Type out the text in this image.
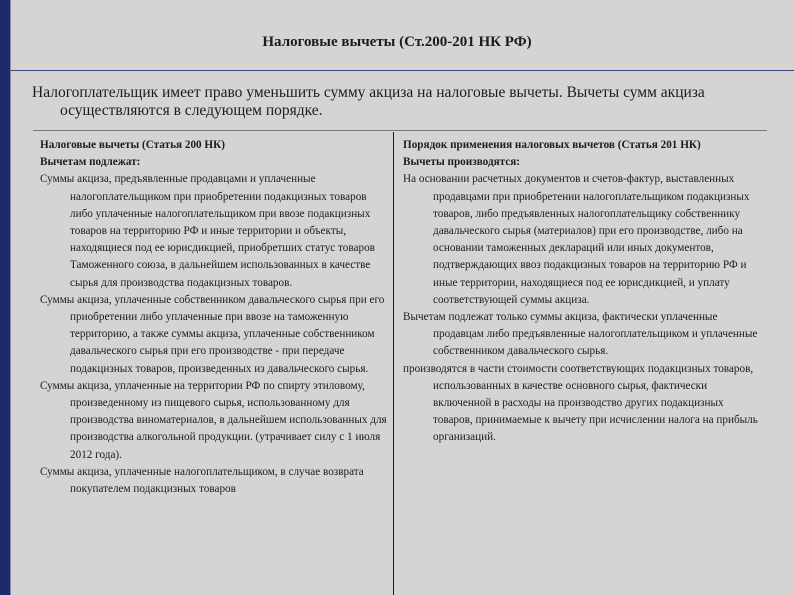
Налоговые вычеты (Ст.200-201 НК РФ)

Налогоплательщик имеет право уменьшить сумму акциза на налоговые вычеты. Вычеты сумм акциза осуществляются в следующем порядке.

Налоговые вычеты (Статья 200 НК)

Вычетам подлежат:

Суммы акциза, предъявленные продавцами и уплаченные налогоплательщиком при приобретении подакцизных товаров либо уплаченные налогоплательщиком при ввозе подакцизных товаров на территорию РФ и иные территории и объекты, находящиеся под ее юрисдикцией, приобретших статус товаров Таможенного союза, в дальнейшем использованных в качестве сырья для производства подакцизных товаров.

Суммы акциза, уплаченные собственником давальческого сырья при его приобретении либо уплаченные при ввозе на таможенную территорию, а также суммы акциза, уплаченные собственником давальческого сырья при его производстве - при передаче подакцизных товаров, произведенных из давальческого сырья.

Суммы акциза, уплаченные на территории РФ по спирту этиловому, произведенному из пищевого сырья, использованному для производства виноматериалов, в дальнейшем использованных для производства алкогольной продукции. (утрачивает силу с 1 июля 2012 года).

Суммы акциза, уплаченные налогоплательщиком, в случае возврата покупателем подакцизных товаров

Порядок применения налоговых вычетов (Статья 201 НК)

Вычеты производятся:

На основании расчетных документов и счетов-фактур, выставленных продавцами при приобретении налогоплательщиком подакцизных товаров, либо предъявленных налогоплательщику собственнику давальческого сырья (материалов) при его производстве, либо на основании таможенных деклараций или иных документов, подтверждающих ввоз подакцизных товаров на территорию РФ и иные территории, находящиеся под ее юрисдикцией, и уплату соответствующей суммы акциза.

Вычетам подлежат только суммы акциза, фактически уплаченные продавцам либо предъявленные налогоплательщиком и уплаченные собственником давальческого сырья.

производятся в части стоимости соответствующих подакцизных товаров, использованных в качестве основного сырья, фактически включенной в расходы на производство других подакцизных товаров, принимаемые к вычету при исчислении налога на прибыль организаций.
